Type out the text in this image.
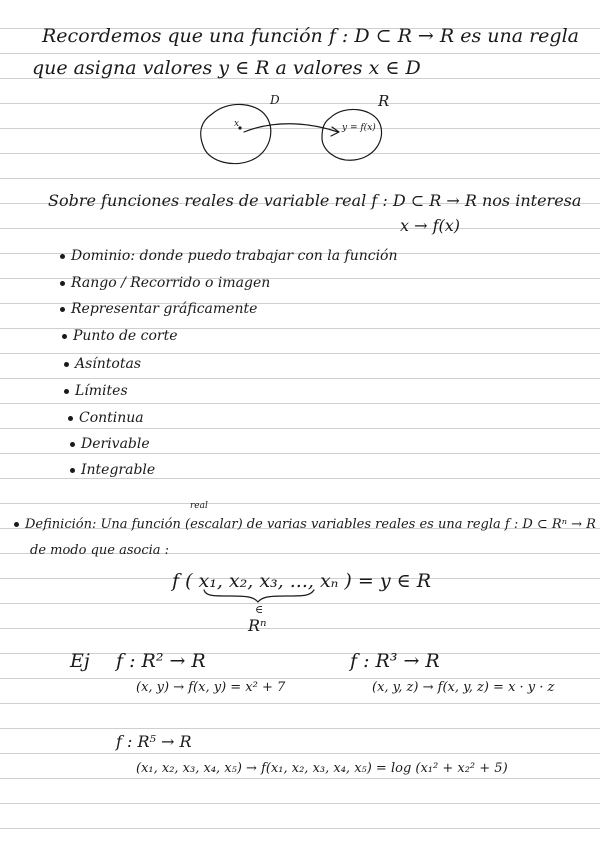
Recordemos que una función f : D ⊂ R → R es una regla
que asigna valores y ∈ R a valores x ∈ D
D	R
x	y = f(x)
Sobre funciones reales de variable real f : D ⊂ R → R nos interesa
x → f(x)
Dominio: donde puedo trabajar con la función
Rango / Recorrido o imagen
Representar gráficamente
Punto de corte
Asíntotas
Límites
Continua
Derivable
Integrable
real
Definición: Una función (escalar) de varias variables reales es una regla f : D ⊂ Rⁿ → R
de modo que asocia :
f ( x₁, x₂, x₃, ..., xₙ ) = y ∈ R
∈
Rⁿ
Ej f : R² → R
(x, y) → f(x, y) = x² + 7
f : R³ → R
(x, y, z) → f(x, y, z) = x · y · z
f : R⁵ → R
(x₁, x₂, x₃, x₄, x₅) → f(x₁, x₂, x₃, x₄, x₅) = log (x₁² + x₂² + 5)
